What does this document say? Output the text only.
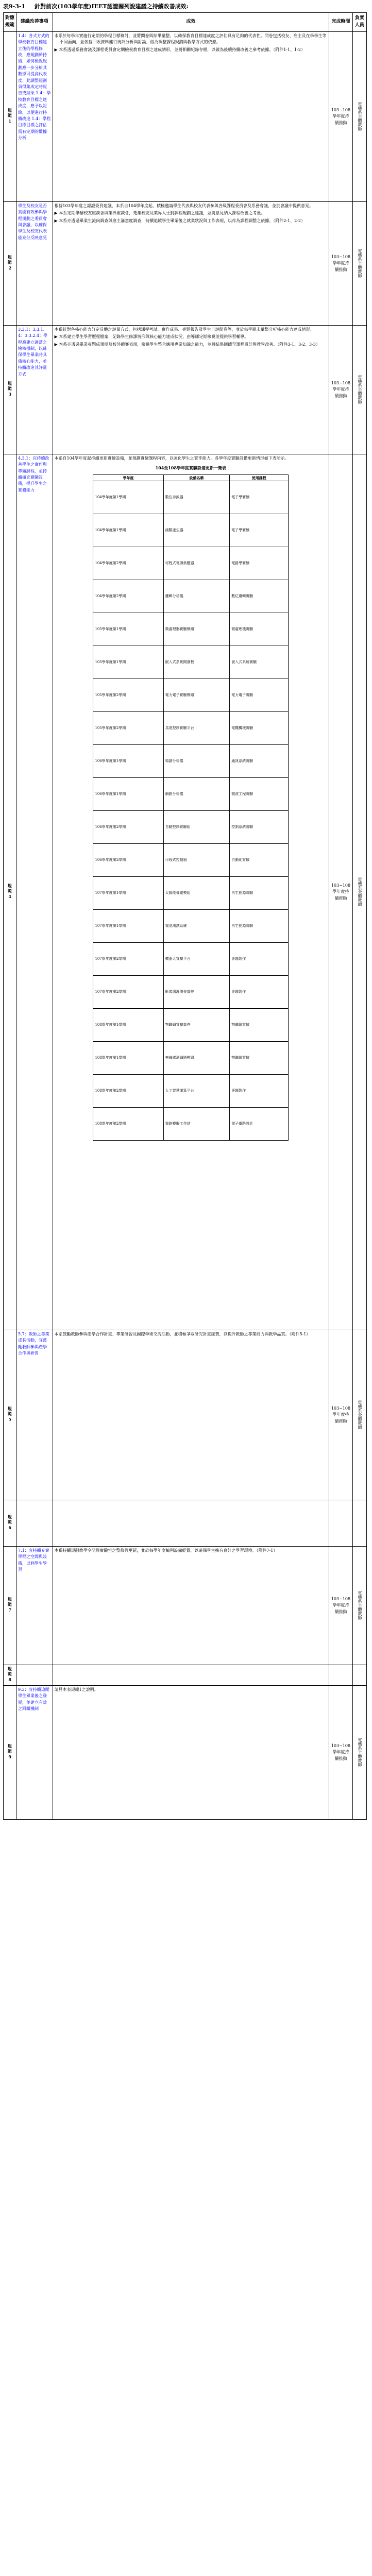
表9-3-1 針對前次(103學年度)IEET認證關列說建議之持續改善成效:
對應規範	建議改善事項	成效	完成時間	負責人員
規範1	1.4：各式方式的學校教育目標建立後的學程修改，應規劃於持續，如何檢視規劃應一步分析其數據可提高代表度，此調整規劃須得集成定時報告或結果 1.4：學校教育目標之達成度，應予以記錄，以便進行持續改進 1.4：學程目標目標之評估需有定期的數據分析	
本系於每學年實施行定期的學程目標檢討，並將問卷與結果彙整，以確保教育目標達成度之評估具有足夠的代表性。問卷包括校友、雇主及在學學生等不同面向，並依據回收資料進行統計分析與討論，做為調整課程規劃與教學方式的依據。
▶ 本系透過系務會議及課程委員會定期檢視教育目標之達成情形，並將相關紀錄存檔，以做為後續持續改善之參考依據。（附件1-1、1-2）
	103~108學年度持續推動	電機系全體教師

規範2	學生及校友是否真能有效參與學程規劃之委員會與會議，以確保學生及校友代表能充分反映意見	
根據103學年度之認證委員建議，本系自104學年度起，積極邀請學生代表與校友代表參與各級課程委員會及系務會議，並於會議中提供意見。
▶ 本系定期舉辦校友座談會與業界座談會，蒐集校友及業界人士對課程規劃之建議，並將意見納入課程改善之考量。
▶ 本系亦透過畢業生流向調查與雇主滿意度調查，持續追蹤學生畢業後之就業狀況與工作表現，以作為課程調整之依據。（附件2-1、2-2）
	103~108學年度持續推動	電機系全體教師

規範3	3.3.1：3.3.1.4：3.3.2.4：學程應建立適當之檢核機制，以確保學生畢業時具備核心能力，並持續改進其評量方式	
本系針對各核心能力訂定具體之評量方式，包括課程考試、實作成果、專題報告及學生自評問卷等，並於每學期末彙整分析核心能力達成情形。
▶ 本系建立學生學習歷程檔案，記錄學生修課情形與核心能力達成狀況，由導師定期檢視並提供學習輔導。
▶ 本系亦透過畢業專題成果展及校外競賽表現，檢視學生整合應用專業知識之能力，並將結果回饋至課程設計與教學改善。（附件3-1、3-2、3-3）
	103~108學年度持續推動	電機系全體教師

規範4	4.3.1：宜持續改善學生之實作與專題課程，並持續擴充實驗設備，提升學生之實務能力	
本系自104學年度起持續更新實驗設備，並規劃實驗課程內容，以強化學生之實作能力。各學年度實驗設備更新情形如下表所示。
104至108學年度實驗設備更新一覽表
學年度	設備名稱	使用課程
104學年度第1學期	數位示波器	電子學實驗
104學年度第1學期	函數產生器	電子學實驗
104學年度第2學期	可程式電源供應器	電路學實驗
104學年度第2學期	邏輯分析儀	數位邏輯實驗
105學年度第1學期	微處理器實驗模組	微處理機實驗
105學年度第1學期	嵌入式系統開發板	嵌入式系統實驗
105學年度第2學期	電力電子實驗模組	電力電子實驗
105學年度第2學期	馬達控制實驗平台	電機機械實驗
106學年度第1學期	頻譜分析儀	通訊系統實驗
106學年度第1學期	網路分析儀	微波工程實驗
106學年度第2學期	自動控制實驗組	控制系統實驗
106學年度第2學期	可程式控制器	自動化實驗
107學年度第1學期	太陽能發電模組	再生能源實驗
107學年度第1學期	電池測試系統	再生能源實驗
107學年度第2學期	機器人實驗平台	專題製作
107學年度第2學期	影像處理開發套件	專題製作
108學年度第1學期	物聯網實驗套件	物聯網實驗
108學年度第1學期	無線感測網路模組	物聯網實驗
108學年度第2學期	人工智慧運算平台	專題製作
108學年度第2學期	電路模擬工作站	電子電路設計
	103~108學年度持續推動	電機系全體教師

規範5	5.7：教師之專業成長活動，宜鼓勵教師參與產學合作與研習	
本系鼓勵教師參與產學合作計畫、專業研習及國際學術交流活動，並積極爭取研究計畫經費，以提升教師之專業能力與教學品質。（附件5-1）
	103~108學年度持續推動	電機系全體教師

規範6				

規範7	7.1：宜持續充實學程之空間與設備，以利學生學習	
本系持續規劃教學空間與實驗室之整修與更新，並於每學年度編列設備經費，以確保學生擁有良好之學習環境。（附件7-1）
	103~108學年度持續推動	電機系全體教師

規範8				

規範9	9.3：宜持續追蹤學生畢業後之發展，並建立有效之回饋機制	
請見本表規範1之說明。
	103~108學年度持續推動	電機系全體教師
